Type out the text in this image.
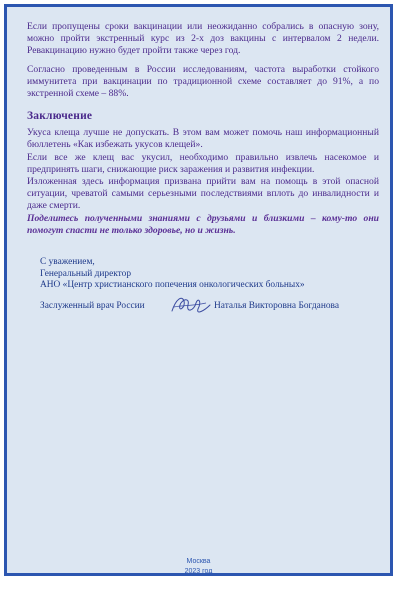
Если пропущены сроки вакцинации или неожиданно собрались в опасную зону, можно пройти экстренный курс из 2-х доз вакцины с интервалом 2 недели. Ревакцинацию нужно будет пройти также через год.

Согласно проведенным в России исследованиям, частота выработки стойкого иммунитета при вакцинации по традиционной схеме составляет до 91%, а по экстренной схеме – 88%.

Заключение

Укуса клеща лучше не допускать. В этом вам может помочь наш информационный бюллетень «Как избежать укусов клещей».

Если все же клещ вас укусил, необходимо правильно извлечь насекомое и предпринять шаги, снижающие риск заражения и развития инфекции.

Изложенная здесь информация призвана прийти вам на помощь в этой опасной ситуации, чреватой самыми серьезными последствиями вплоть до инвалидности и даже смерти.

Поделитесь полученными знаниями с друзьями и близкими – кому-то они помогут спасти не только здоровье, но и жизнь.

С уважением,
Генеральный директор
АНО «Центр христианского попечения онкологических больных»
Заслуженный врач России	Наталья Викторовна Богданова
Москва
2023 год
